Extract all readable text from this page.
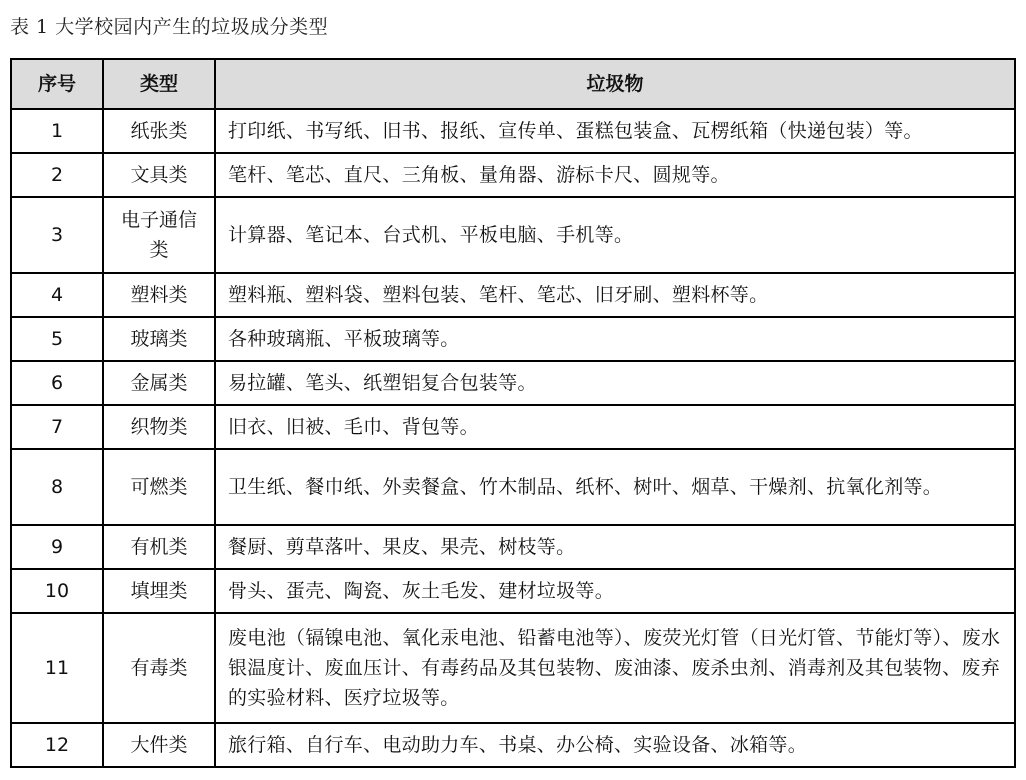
表 1 大学校园内产生的垃圾成分类型
序号	类型	垃圾物
1	纸张类	打印纸、书写纸、旧书、报纸、宣传单、蛋糕包装盒、瓦楞纸箱（快递包装）等。
2	文具类	笔杆、笔芯、直尺、三角板、量角器、游标卡尺、圆规等。
3	电子通信类	计算器、笔记本、台式机、平板电脑、手机等。
4	塑料类	塑料瓶、塑料袋、塑料包装、笔杆、笔芯、旧牙刷、塑料杯等。
5	玻璃类	各种玻璃瓶、平板玻璃等。
6	金属类	易拉罐、笔头、纸塑铝复合包装等。
7	织物类	旧衣、旧被、毛巾、背包等。
8	可燃类	卫生纸、餐巾纸、外卖餐盒、竹木制品、纸杯、树叶、烟草、干燥剂、抗氧化剂等。
9	有机类	餐厨、剪草落叶、果皮、果壳、树枝等。
10	填埋类	骨头、蛋壳、陶瓷、灰土毛发、建材垃圾等。
11	有毒类	废电池（镉镍电池、氧化汞电池、铅蓄电池等）、废荧光灯管（日光灯管、节能灯等）、废水银温度计、废血压计、有毒药品及其包装物、废油漆、废杀虫剂、消毒剂及其包装物、废弃的实验材料、医疗垃圾等。
12	大件类	旅行箱、自行车、电动助力车、书桌、办公椅、实验设备、冰箱等。
